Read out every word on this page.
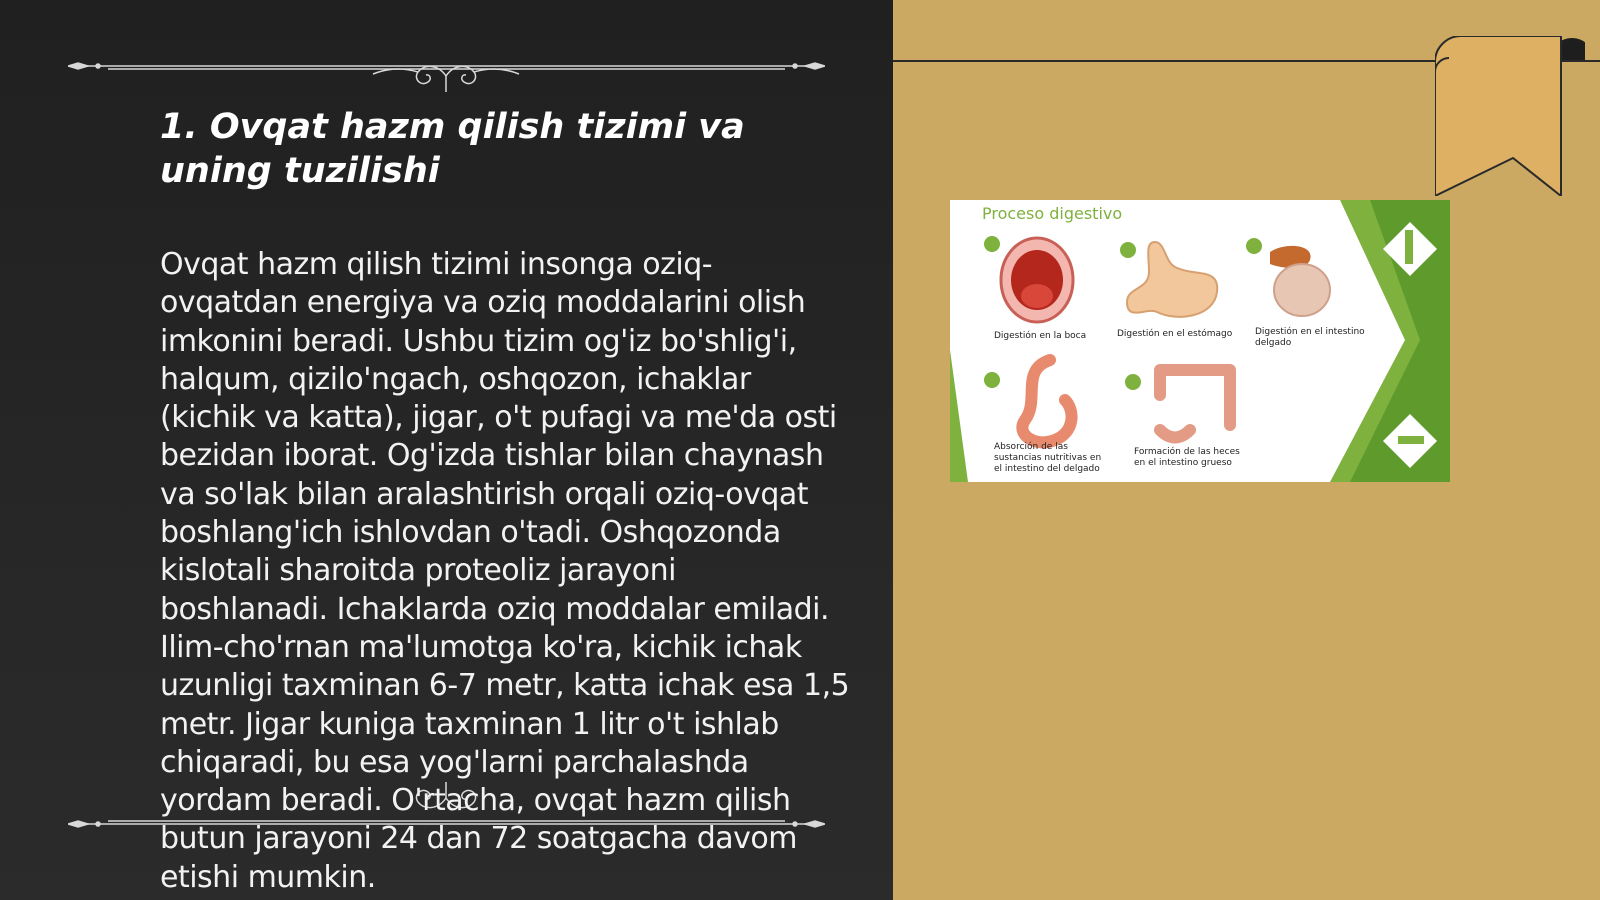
1. Ovqat hazm qilish tizimi va uning tuzilishi

Ovqat hazm qilish tizimi insonga oziq-ovqatdan energiya va oziq moddalarini olish imkonini beradi. Ushbu tizim og'iz bo'shlig'i, halqum, qizilo'ngach, oshqozon, ichaklar (kichik va katta), jigar, o't pufagi va me'da osti bezidan iborat. Og'izda tishlar bilan chaynash va so'lak bilan aralashtirish orqali oziq-ovqat boshlang'ich ishlovdan o'tadi. Oshqozonda kislotali sharoitda proteoliz jarayoni boshlanadi. Ichaklarda oziq moddalar emiladi. Ilim-cho'rnan ma'lumotga ko'ra, kichik ichak uzunligi taxminan 6-7 metr, katta ichak esa 1,5 metr. Jigar kuniga taxminan 1 litr o't ishlab chiqaradi, bu esa yog'larni parchalashda yordam beradi. O'rtacha, ovqat hazm qilish butun jarayoni 24 dan 72 soatgacha davom etishi mumkin.

Proceso digestivo
Digestión en la boca	Digestión en el estómago	Digestión en el intestino delgado
Absorción de las sustancias nutritivas en el intestino del delgado
Formación de las heces en el intestino grueso
